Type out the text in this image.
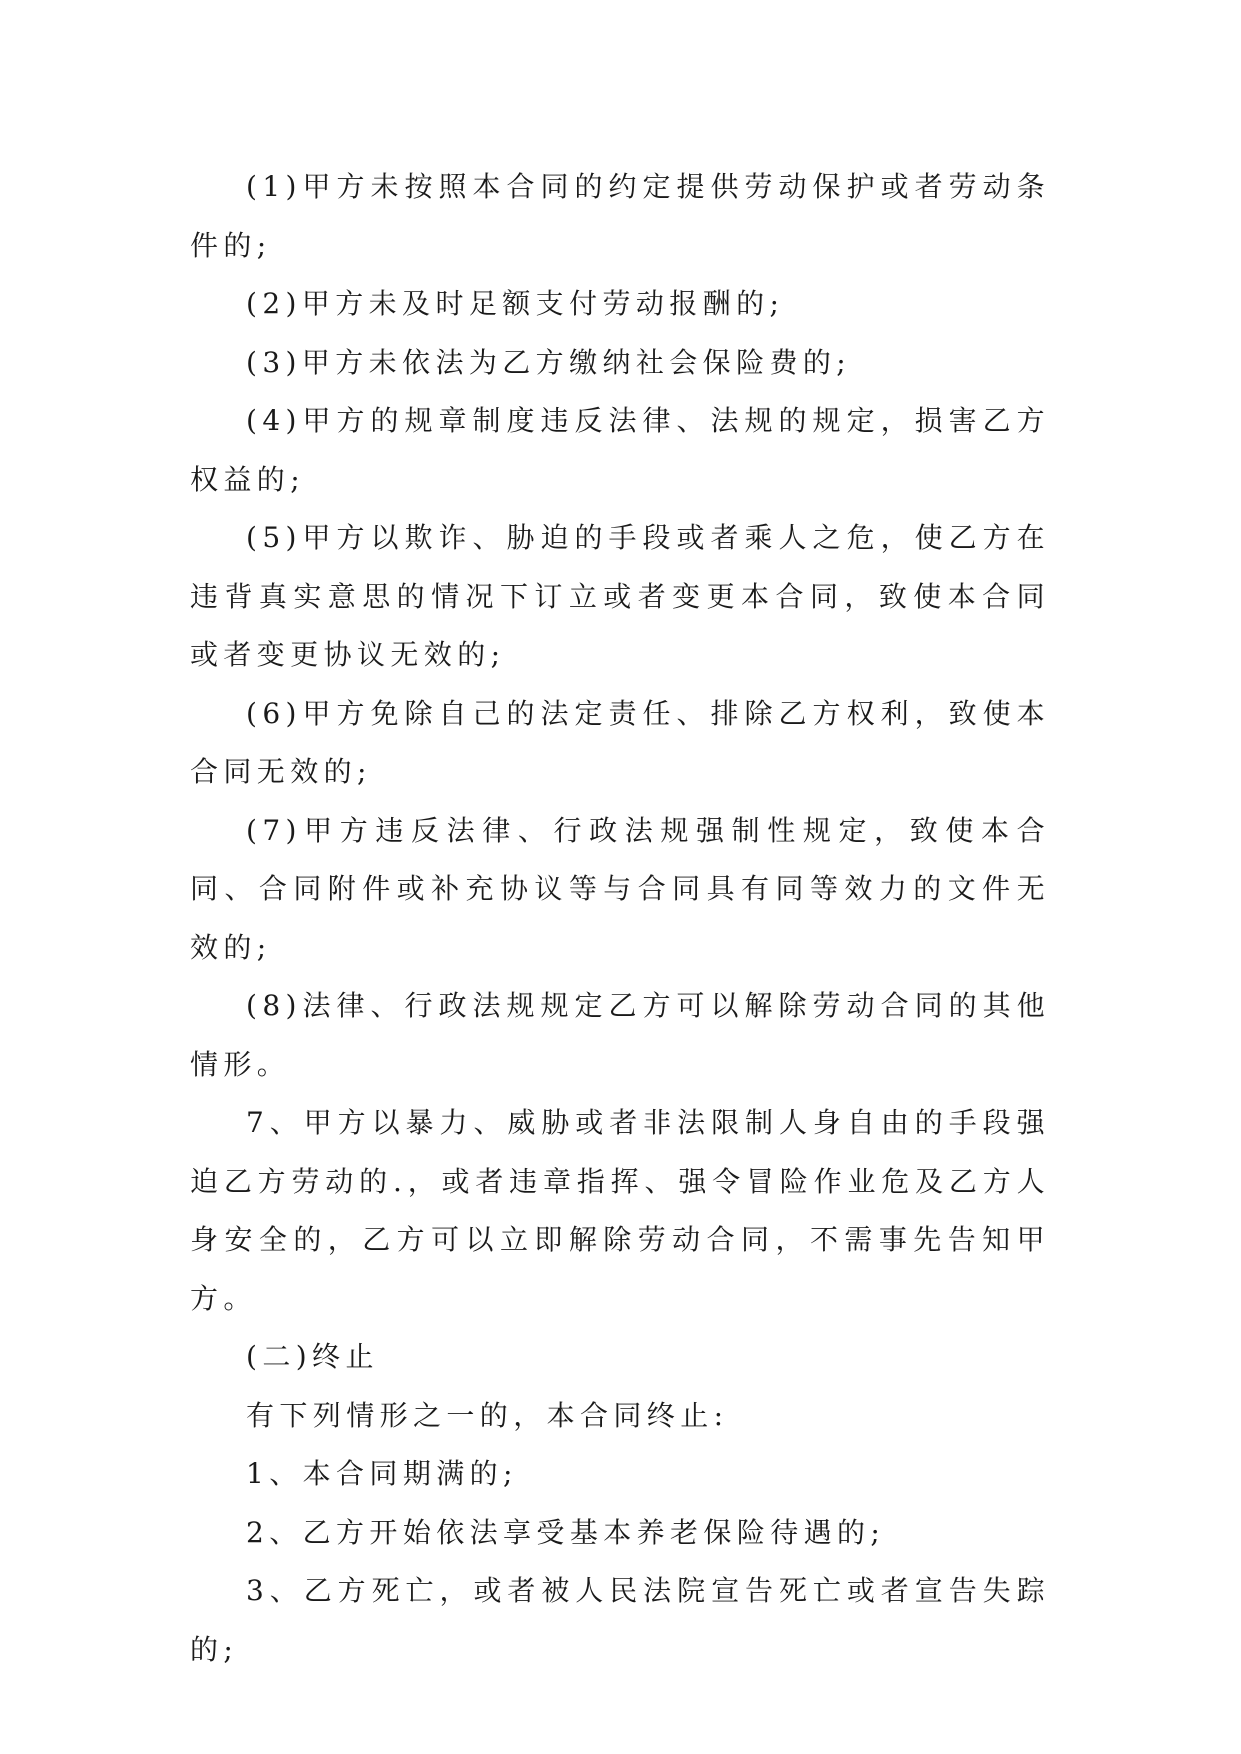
(1)甲方未按照本合同的约定提供劳动保护或者劳动条件的;

(2)甲方未及时足额支付劳动报酬的;

(3)甲方未依法为乙方缴纳社会保险费的;

(4)甲方的规章制度违反法律、法规的规定，损害乙方权益的;

(5)甲方以欺诈、胁迫的手段或者乘人之危，使乙方在违背真实意思的情况下订立或者变更本合同，致使本合同或者变更协议无效的;

(6)甲方免除自己的法定责任、排除乙方权利，致使本合同无效的;

(7)甲方违反法律、行政法规强制性规定，致使本合同、合同附件或补充协议等与合同具有同等效力的文件无效的;

(8)法律、行政法规规定乙方可以解除劳动合同的其他情形。

7、甲方以暴力、威胁或者非法限制人身自由的手段强迫乙方劳动的.，或者违章指挥、强令冒险作业危及乙方人身安全的，乙方可以立即解除劳动合同，不需事先告知甲方。

(二)终止

有下列情形之一的，本合同终止:

1、本合同期满的;

2、乙方开始依法享受基本养老保险待遇的;

3、乙方死亡，或者被人民法院宣告死亡或者宣告失踪的;
